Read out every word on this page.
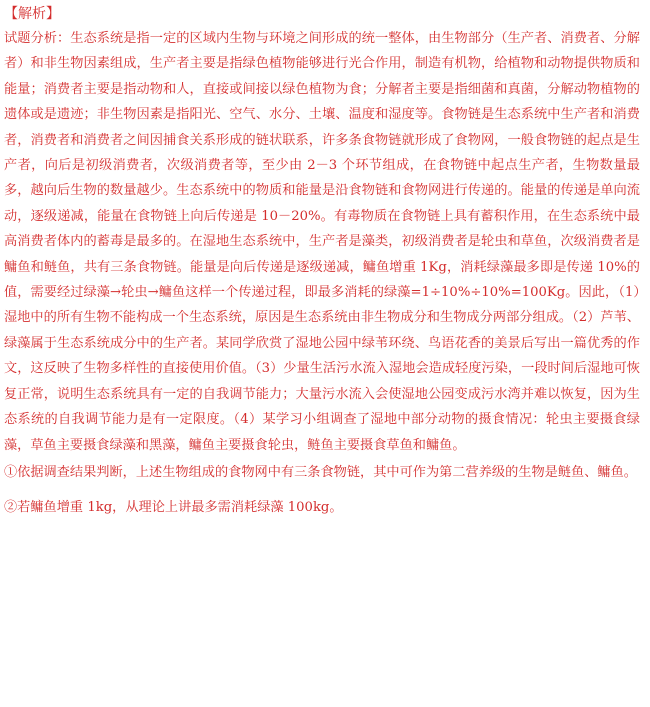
【解析】

试题分析：生态系统是指一定的区域内生物与环境之间形成的统一整体，由生物部分（生产者、消费者、分解者）和非生物因素组成，生产者主要是指绿色植物能够进行光合作用，制造有机物，给植物和动物提供物质和能量；消费者主要是指动物和人，直接或间接以绿色植物为食；分解者主要是指细菌和真菌，分解动物植物的遗体或是遗迹；非生物因素是指阳光、空气、水分、土壤、温度和湿度等。食物链是生态系统中生产者和消费者，消费者和消费者之间因捕食关系形成的链状联系，许多条食物链就形成了食物网，一般食物链的起点是生产者，向后是初级消费者，次级消费者等，至少由 2－3 个环节组成，在食物链中起点生产者，生物数量最多，越向后生物的数量越少。生态系统中的物质和能量是沿食物链和食物网进行传递的。能量的传递是单向流动，逐级递减，能量在食物链上向后传递是 10－20%。有毒物质在食物链上具有蓄积作用，在生态系统中最高消费者体内的蓄毒是最多的。在湿地生态系统中，生产者是藻类，初级消费者是轮虫和草鱼，次级消费者是鳙鱼和鲢鱼，共有三条食物链。能量是向后传递是逐级递减，鳙鱼增重 1Kg，消耗绿藻最多即是传递 10%的值，需要经过绿藻→轮虫→鳙鱼这样一个传递过程，即最多消耗的绿藻=1÷10%÷10%=100Kg。因此，（1）湿地中的所有生物不能构成一个生态系统，原因是生态系统由非生物成分和生物成分两部分组成。（2）芦苇、绿藻属于生态系统成分中的生产者。某同学欣赏了湿地公园中绿苇环绕、鸟语花香的美景后写出一篇优秀的作文，这反映了生物多样性的直接使用价值。（3）少量生活污水流入湿地会造成轻度污染，一段时间后湿地可恢复正常，说明生态系统具有一定的自我调节能力；大量污水流入会使湿地公园变成污水湾并难以恢复，因为生态系统的自我调节能力是有一定限度。（4）某学习小组调查了湿地中部分动物的摄食情况：轮虫主要摄食绿藻，草鱼主要摄食绿藻和黑藻，鳙鱼主要摄食轮虫，鲢鱼主要摄食草鱼和鳙鱼。

①依据调查结果判断，上述生物组成的食物网中有三条食物链，其中可作为第二营养级的生物是鲢鱼、鳙鱼。

②若鳙鱼增重 1kg，从理论上讲最多需消耗绿藻 100kg。
